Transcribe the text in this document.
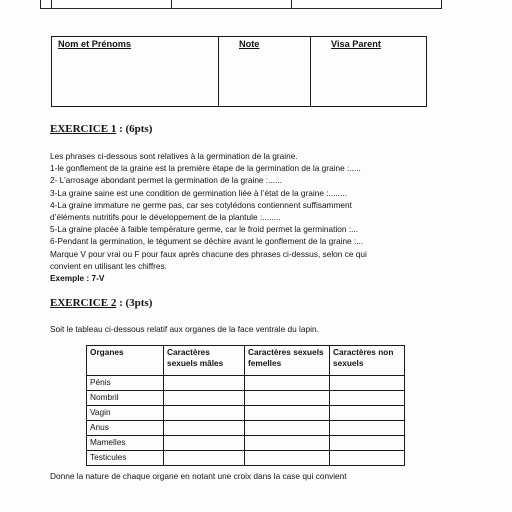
Nom et Prénoms	Note	Visa Parent
EXERCICE 1 : (6pts)
Les phrases ci-dessous sont relatives à la germination de la graine.
1-le gonflement de la graine est la première étape de la germination de la graine :.....
2- L’arrosage abondant permet la germination de la graine :......
3-La graine saine est une condition de germination liée à l’état de la graine :........
4-La graine immature ne germe pas, car ses cotylédons contiennent suffisamment
d’éléments nutritifs pour le développement de la plantule :........
5-La graine placée à faible température germe, car le froid permet la germination :...
6-Pendant la germination, le tégument se déchire avant le gonflement de la graine :...
Marque V pour vrai ou F pour faux après chacune des phrases ci-dessus, selon ce qui
convient en utilisant les chiffres.
Exemple : 7-V
EXERCICE 2 : (3pts)
Soit le tableau ci-dessous relatif aux organes de la face ventrale du lapin.
Organes	Caractères sexuels mâles	Caractères sexuels femelles	Caractères non sexuels
Pénis			
Nombril			
Vagin			
Anus			
Mamelles			
Testicules			
Donne la nature de chaque organe en notant une croix dans la case qui convient
